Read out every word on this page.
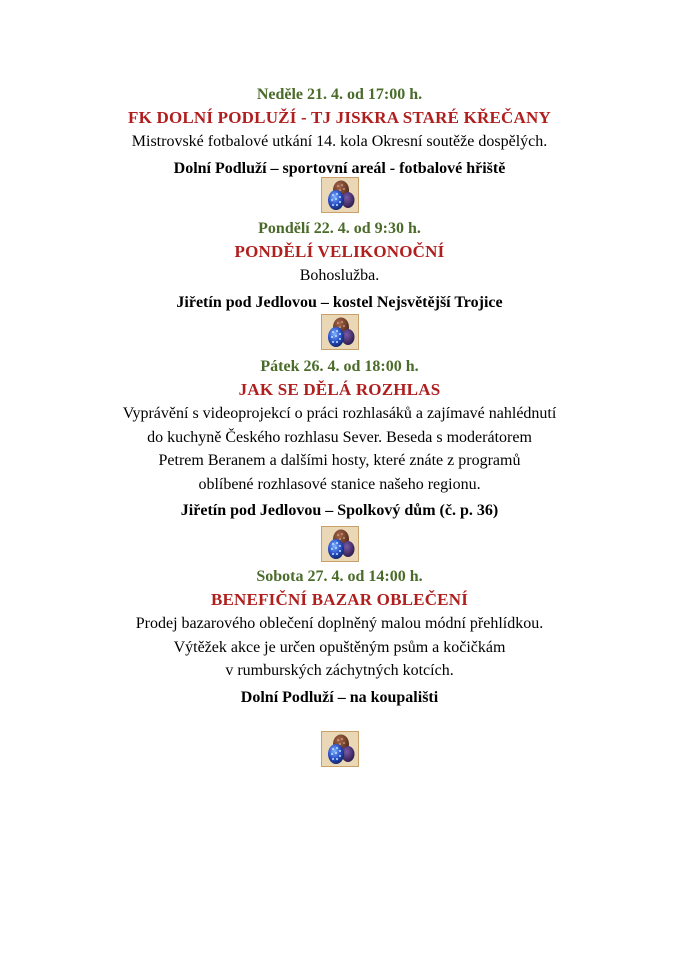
Neděle 21. 4. od 17:00 h.
FK DOLNÍ PODLUŽÍ - TJ JISKRA STARÉ KŘEČANY
Mistrovské fotbalové utkání 14. kola Okresní soutěže dospělých.
Dolní Podluží – sportovní areál - fotbalové hřiště
Pondělí 22. 4. od 9:30 h.
PONDĚLÍ VELIKONOČNÍ
Bohoslužba.
Jiřetín pod Jedlovou – kostel Nejsvětější Trojice
Pátek 26. 4. od 18:00 h.
JAK SE DĚLÁ ROZHLAS
Vyprávění s videoprojekcí o práci rozhlasáků a zajímavé nahlédnutí
do kuchyně Českého rozhlasu Sever. Beseda s moderátorem
Petrem Beranem a dalšími hosty, které znáte z programů
oblíbené rozhlasové stanice našeho regionu.
Jiřetín pod Jedlovou – Spolkový dům (č. p. 36)
Sobota 27. 4. od 14:00 h.
BENEFIČNÍ BAZAR OBLEČENÍ
Prodej bazarového oblečení doplněný malou módní přehlídkou.
Výtěžek akce je určen opuštěným psům a kočičkám
v rumburských záchytných kotcích.
Dolní Podluží – na koupališti
